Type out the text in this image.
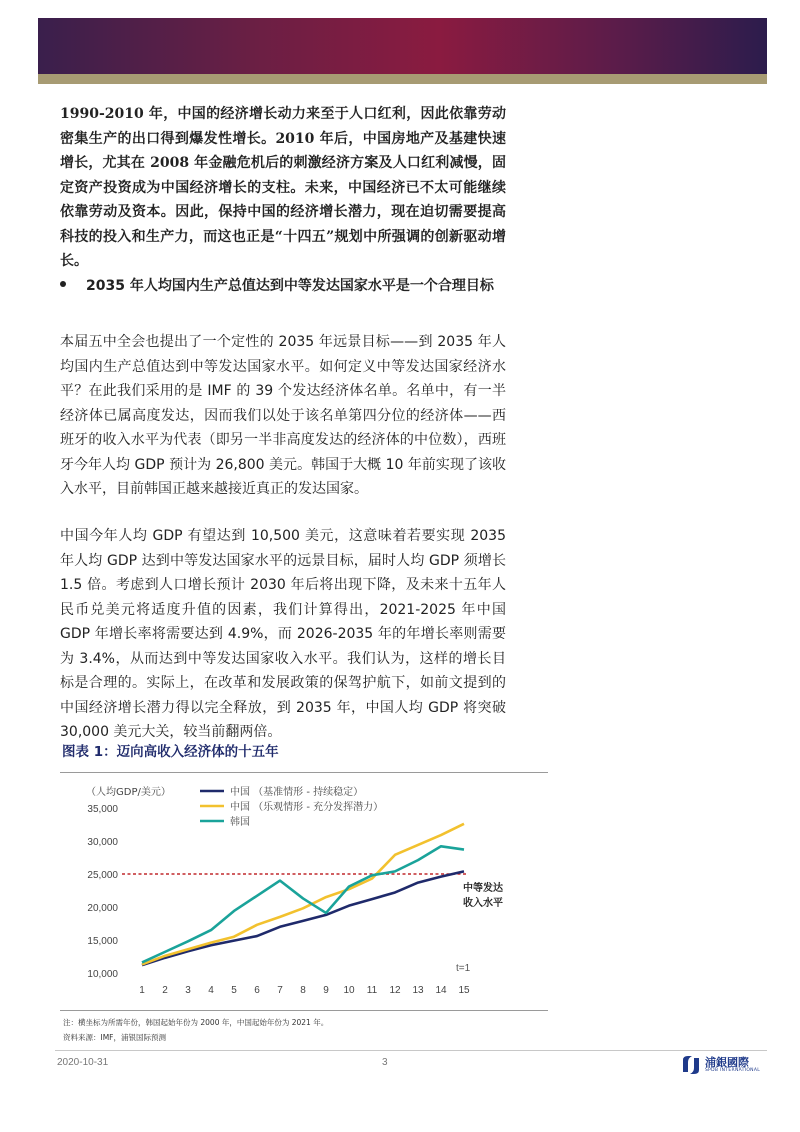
1990-2010 年，中国的经济增长动力来至于人口红利，因此依靠劳动密集生产的出口得到爆发性增长。2010 年后，中国房地产及基建快速增长，尤其在 2008 年金融危机后的刺激经济方案及人口红利减慢，固定资产投资成为中国经济增长的支柱。未来，中国经济已不太可能继续依靠劳动及资本。因此，保持中国的经济增长潜力，现在迫切需要提高科技的投入和生产力，而这也正是“十四五”规划中所强调的创新驱动增长。

2035 年人均国内生产总值达到中等发达国家水平是一个合理目标

本届五中全会也提出了一个定性的 2035 年远景目标——到 2035 年人均国内生产总值达到中等发达国家水平。如何定义中等发达国家经济水平？在此我们采用的是 IMF 的 39 个发达经济体名单。名单中，有一半经济体已属高度发达，因而我们以处于该名单第四分位的经济体——西班牙的收入水平为代表（即另一半非高度发达的经济体的中位数），西班牙今年人均 GDP 预计为 26,800 美元。韩国于大概 10 年前实现了该收入水平，目前韩国正越来越接近真正的发达国家。

中国今年人均 GDP 有望达到 10,500 美元，这意味着若要实现 2035 年人均 GDP 达到中等发达国家水平的远景目标，届时人均 GDP 须增长 1.5 倍。考虑到人口增长预计 2030 年后将出现下降，及未来十五年人民币兑美元将适度升值的因素，我们计算得出，2021-2025 年中国 GDP 年增长率将需要达到 4.9%，而 2026-2035 年的年增长率则需要为 3.4%，从而达到中等发达国家收入水平。我们认为，这样的增长目标是合理的。实际上，在改革和发展政策的保驾护航下，如前文提到的中国经济增长潜力得以完全释放，到 2035 年，中国人均 GDP 将突破 30,000 美元大关，较当前翻两倍。

图表 1：迈向高收入经济体的十五年

（人均GDP/美元）
10,000
15,000
20,000
25,000
30,000
35,000
1 2 3 4 5 6 7 8 9 10 11 12 13 14 15
中国 （基准情形 - 持续稳定）
中国 （乐观情形 - 充分发挥潜力）
韩国
中等发达
收入水平
t=1

注：横坐标为所需年份，韩国起始年份为 2000 年，中国起始年份为 2021 年。

资料来源：IMF，浦银国际预测

2020-10-31	3	浦銀國際
SPDB INTERNATIONAL
